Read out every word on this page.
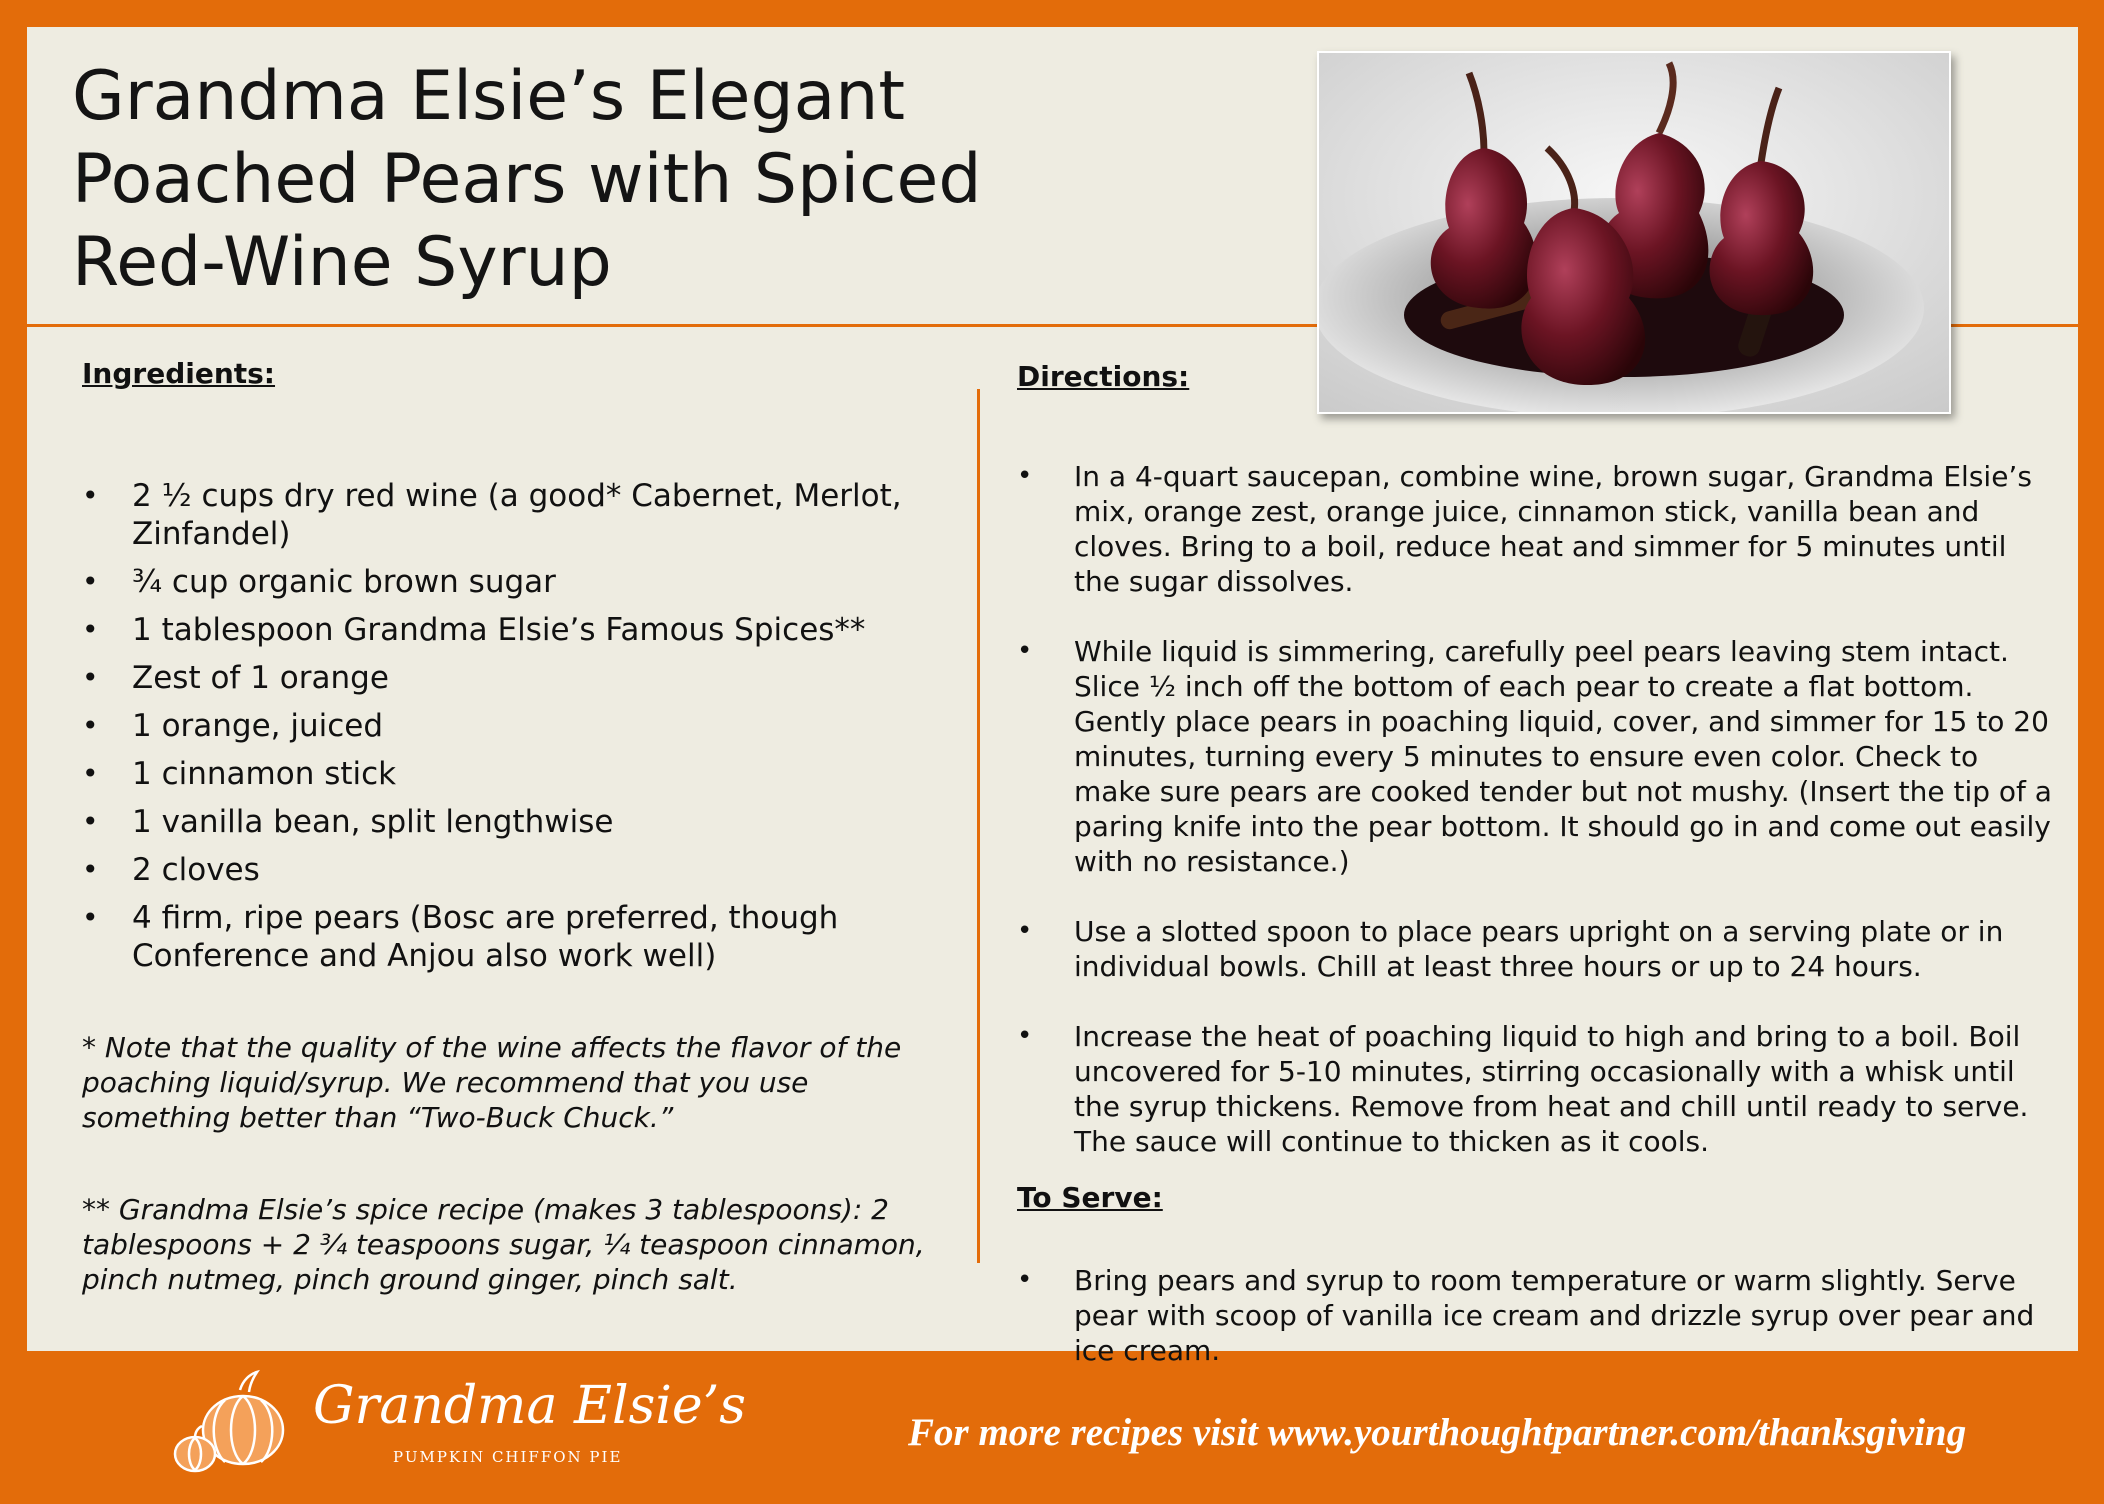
Grandma Elsie’s Elegant Poached Pears with Spiced Red-Wine Syrup
Ingredients:
• 2 ½ cups dry red wine (a good* Cabernet, Merlot, Zinfandel)
• ¾ cup organic brown sugar
• 1 tablespoon Grandma Elsie’s Famous Spices**
• Zest of 1 orange
• 1 orange, juiced
• 1 cinnamon stick
• 1 vanilla bean, split lengthwise
• 2 cloves
• 4 firm, ripe pears (Bosc are preferred, though Conference and Anjou also work well)

* Note that the quality of the wine affects the flavor of the poaching liquid/syrup. We recommend that you use something better than “Two-Buck Chuck.”

** Grandma Elsie’s spice recipe (makes 3 tablespoons): 2 tablespoons + 2 ¾ teaspoons sugar, ¼ teaspoon cinnamon, pinch nutmeg, pinch ground ginger, pinch salt.

Directions:
• In a 4-quart saucepan, combine wine, brown sugar, Grandma Elsie’s mix, orange zest, orange juice, cinnamon stick, vanilla bean and cloves. Bring to a boil, reduce heat and simmer for 5 minutes until the sugar dissolves.
• While liquid is simmering, carefully peel pears leaving stem intact. Slice ½ inch off the bottom of each pear to create a flat bottom. Gently place pears in poaching liquid, cover, and simmer for 15 to 20 minutes, turning every 5 minutes to ensure even color. Check to make sure pears are cooked tender but not mushy. (Insert the tip of a paring knife into the pear bottom. It should go in and come out easily with no resistance.)
• Use a slotted spoon to place pears upright on a serving plate or in individual bowls. Chill at least three hours or up to 24 hours.
• Increase the heat of poaching liquid to high and bring to a boil. Boil uncovered for 5-10 minutes, stirring occasionally with a whisk until the syrup thickens. Remove from heat and chill until ready to serve. The sauce will continue to thicken as it cools.
To Serve:
• Bring pears and syrup to room temperature or warm slightly. Serve pear with scoop of vanilla ice cream and drizzle syrup over pear and ice cream.
Grandma Elsie’s
PUMPKIN CHIFFON PIE
For more recipes visit www.yourthoughtpartner.com/thanksgiving
